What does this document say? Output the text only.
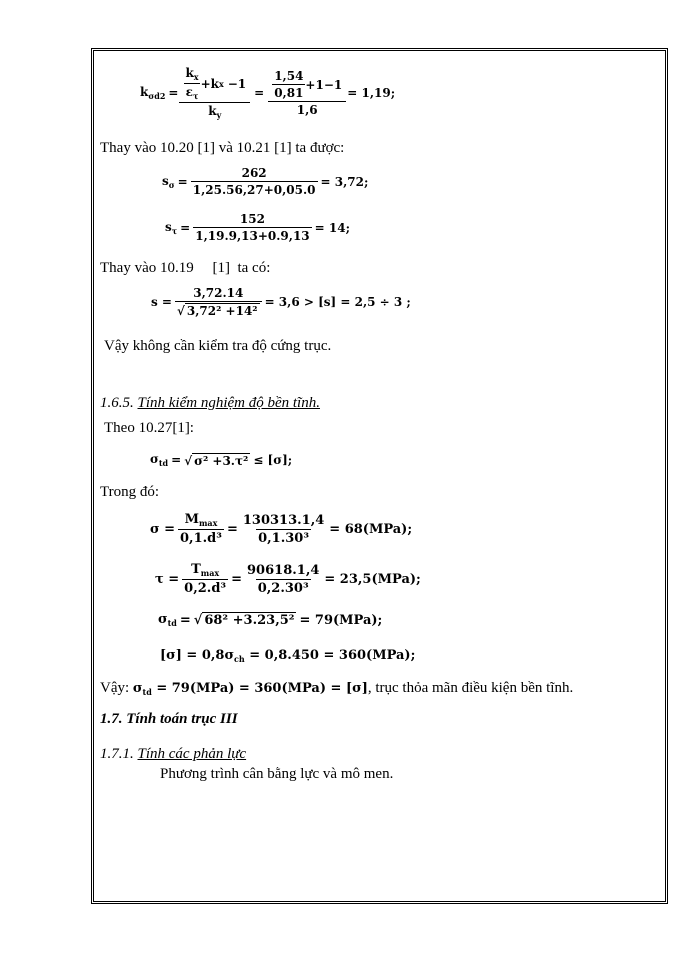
$k_{\sigma d2} = \frac{\frac{k_x}{\varepsilon_\tau} +k x -1}{k_y} = \frac{\frac{1,54}{0,81} +1-1}{1,6} = 1,19$;
Thay vào 10.20 [1] và 10.21 [1] ta được:
$s_\sigma = \frac{262}{1,25.56,27+0,05.0} = 3,72$;
$s_\tau = \frac{152}{1,19.9,13+0.9,13} = 14$;
Thay vào 10.19     [1]  ta có:
$s = \frac{3,72.14}{\text{√ 3,72² +14²}} = 3,6 > [s] = 2,5 \div 3$ ;
Vậy không cần kiểm tra độ cứng trục.
1.6.5. Tính kiểm nghiệm độ bền tĩnh.
Theo 10.27[1]:
$\sigma_{td}$ = √ σ² +3.τ² ≤ [σ];
Trong đó:
$\sigma = \frac{M_{max}}{\text{0,1.d³}} = \frac{130313.1,4}{\text{0,1.30³}} = 68(MPa)$;
$\tau = \frac{T_{max}}{\text{0,2.d³}} = \frac{90618.1,4}{\text{0,2.30³}} = 23,5(MPa)$;
$\sigma_{td}$ = √ 68² +3.23,5² = 79(MPa);
$[\sigma] = 0,8\sigma_{ch} = 0,8.450 = 360(MPa)$;
Vậy: $\sigma_{td} = 79(MPa) = 360(MPa) = [\sigma]$, trục thỏa mãn điều kiện bền tĩnh.
1.7. Tính toán trục III
1.7.1. Tính các phản lực
Phương trình cân bằng lực và mô men.
